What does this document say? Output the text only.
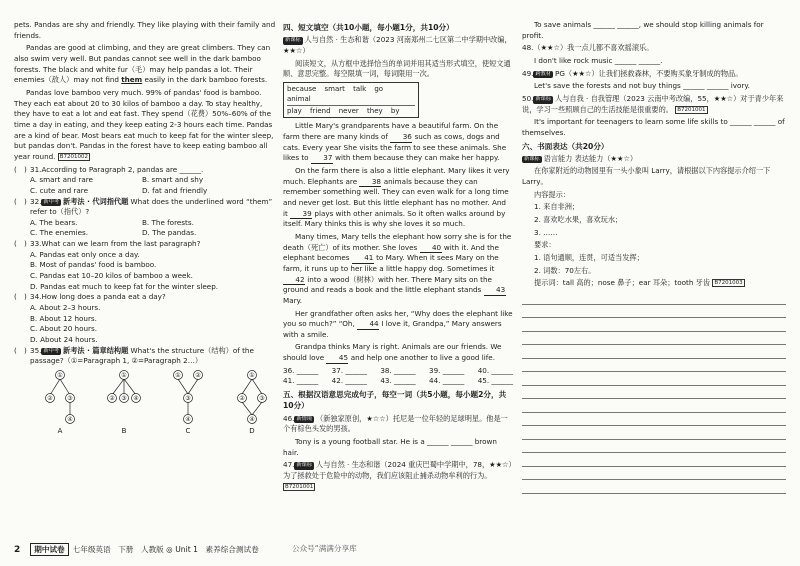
pets. Pandas are shy and friendly. They like playing with their family and friends.

Pandas are good at climbing, and they are great climbers. They can also swim very well. But pandas cannot see well in the dark bamboo forests. The black and white fur（毛）may help pandas a lot. Their enemies（敌人）may not find them easily in the dark bamboo forests.

Pandas love bamboo very much. 99% of pandas' food is bamboo. They each eat about 20 to 30 kilos of bamboo a day. To stay healthy, they have to eat a lot and eat fast. They spend（花费）50%–60% of the time a day in eating, and they keep eating 2-3 hours each time. Pandas are a kind of bear. Most bears eat much to keep fat for the winter sleep, but pandas don't. Pandas in the forest have to keep eating bamboo all year round. B7201002

(　) 31.According to Paragraph 2, pandas are ______.
A. smart and rare	B. smart and shy
C. cute and rare	D. fat and friendly
(　) 32. 新中考 新考法 · 代词指代题 What does the underlined word “them” refer to（指代）?
A. The bears.	B. The forests.
C. The enemies.	D. The pandas.
(　) 33.What can we learn from the last paragraph?
A. Pandas eat only once a day.
B. Most of pandas' food is bamboo.
C. Pandas eat 10–20 kilos of bamboo a week.
D. Pandas eat much to keep fat for the winter sleep.
(　) 34.How long does a panda eat a day?
A. About 2–3 hours.
B. About 12 hours.
C. About 20 hours.
D. About 24 hours.
(　) 35. 新中考 新考法 · 篇章结构题 What's the structure（结构）of the passage?（①=Paragraph 1, ②=Paragraph 2…）
①
② ③
④
A
①
② ③ ④
B
① ②
③
④
C
①
② ③
④
D
四、短文填空（共10小题，每小题1分，共10分）

新课标 人与自然 · 生态和谐（2023 河南郑州二七区第二中学期中改编，★★☆）

阅读短文，从方框中选择恰当的单词并用其适当形式填空，使短文通顺、意思完整。每空限填一词，每词限用一次。

because smart talk go animal
play friend never they by

Little Mary's grandparents have a beautiful farm. On the farm there are many kinds of 36 such as cows, dogs and cats. Every year She visits the farm to see these animals. She likes to 37 with them because they can make her happy.

On the farm there is also a little elephant. Mary likes it very much. Elephants are 38 animals because they can remember something well. They can even walk for a long time and never get lost. But this little elephant has no mother. And it 39 plays with other animals. So it often walks around by itself. Mary thinks this is why she loves it so much.

Many times, Mary tells the elephant how sorry she is for the death（死亡）of its mother. She loves 40 with it. And the elephant becomes 41 to Mary. When it sees Mary on the farm, it runs up to her like a little happy dog. Sometimes it 42 into a wood（树林）with her. There Mary sits on the ground and reads a book and the little elephant stands 43 Mary.

Her grandfather often asks her, “Why does the elephant like you so much?” “Oh, 44 I love it, Grandpa,” Mary answers with a smile.

Grandpa thinks Mary is right. Animals are our friends. We should love 45 and help one another to live a good life.

36. ______ 37. ______ 38. ______ 39. ______ 40. ______
41. ______ 42. ______ 43. ______ 44. ______ 45. ______
五、根据汉语意思完成句子，每空一词（共5小题，每小题2分，共10分）

46. 新情境 （新独家原创，★☆☆）托尼是一位年轻的足球明星。他是一个有棕色头发的男孩。

Tony is a young football star. He is a ______ ______ brown hair.

47. 新课标 人与自然 · 生态和谐（2024 重庆巴蜀中学期中，78，★★☆）为了拯救处于危险中的动物，我们应该阻止捕杀动物牟利的行为。 B7201001

To save animals ______ ______, we should stop killing animals for profit.

48.（★★☆）我一点儿都不喜欢摇滚乐。

I don't like rock music ______ ______.

49. 跨教材 PG（★★☆）让我们拯救森林，不要购买象牙制成的物品。

Let's save the forests and not buy things ______ ______ ivory.

50. 新课标 人与自我 · 自我管理（2023 云南中考改编，55，★★☆）对于青少年来说，学习一些照顾自己的生活技能是很重要的。 B7201001

It's important for teenagers to learn some life skills to ______ ______ of themselves.

六、书面表达（共20分）

新课标 语言能力 表达能力（★★☆）

在你家附近的动物园里有一头小象叫 Larry，请根据以下内容提示介绍一下 Larry。

内容提示：

1. 来自非洲；

2. 喜欢吃水果，喜欢玩水；

3. ……

要求：

1. 语句通顺，连贯，可适当发挥；

2. 词数：70左右。

提示词：tall 高的；nose 鼻子；ear 耳朵；tooth 牙齿 B7201003

2	期中试卷	七年级英语　下册　人教版 ◎ Unit 1　素养综合测试卷	公众号“满满分享库
